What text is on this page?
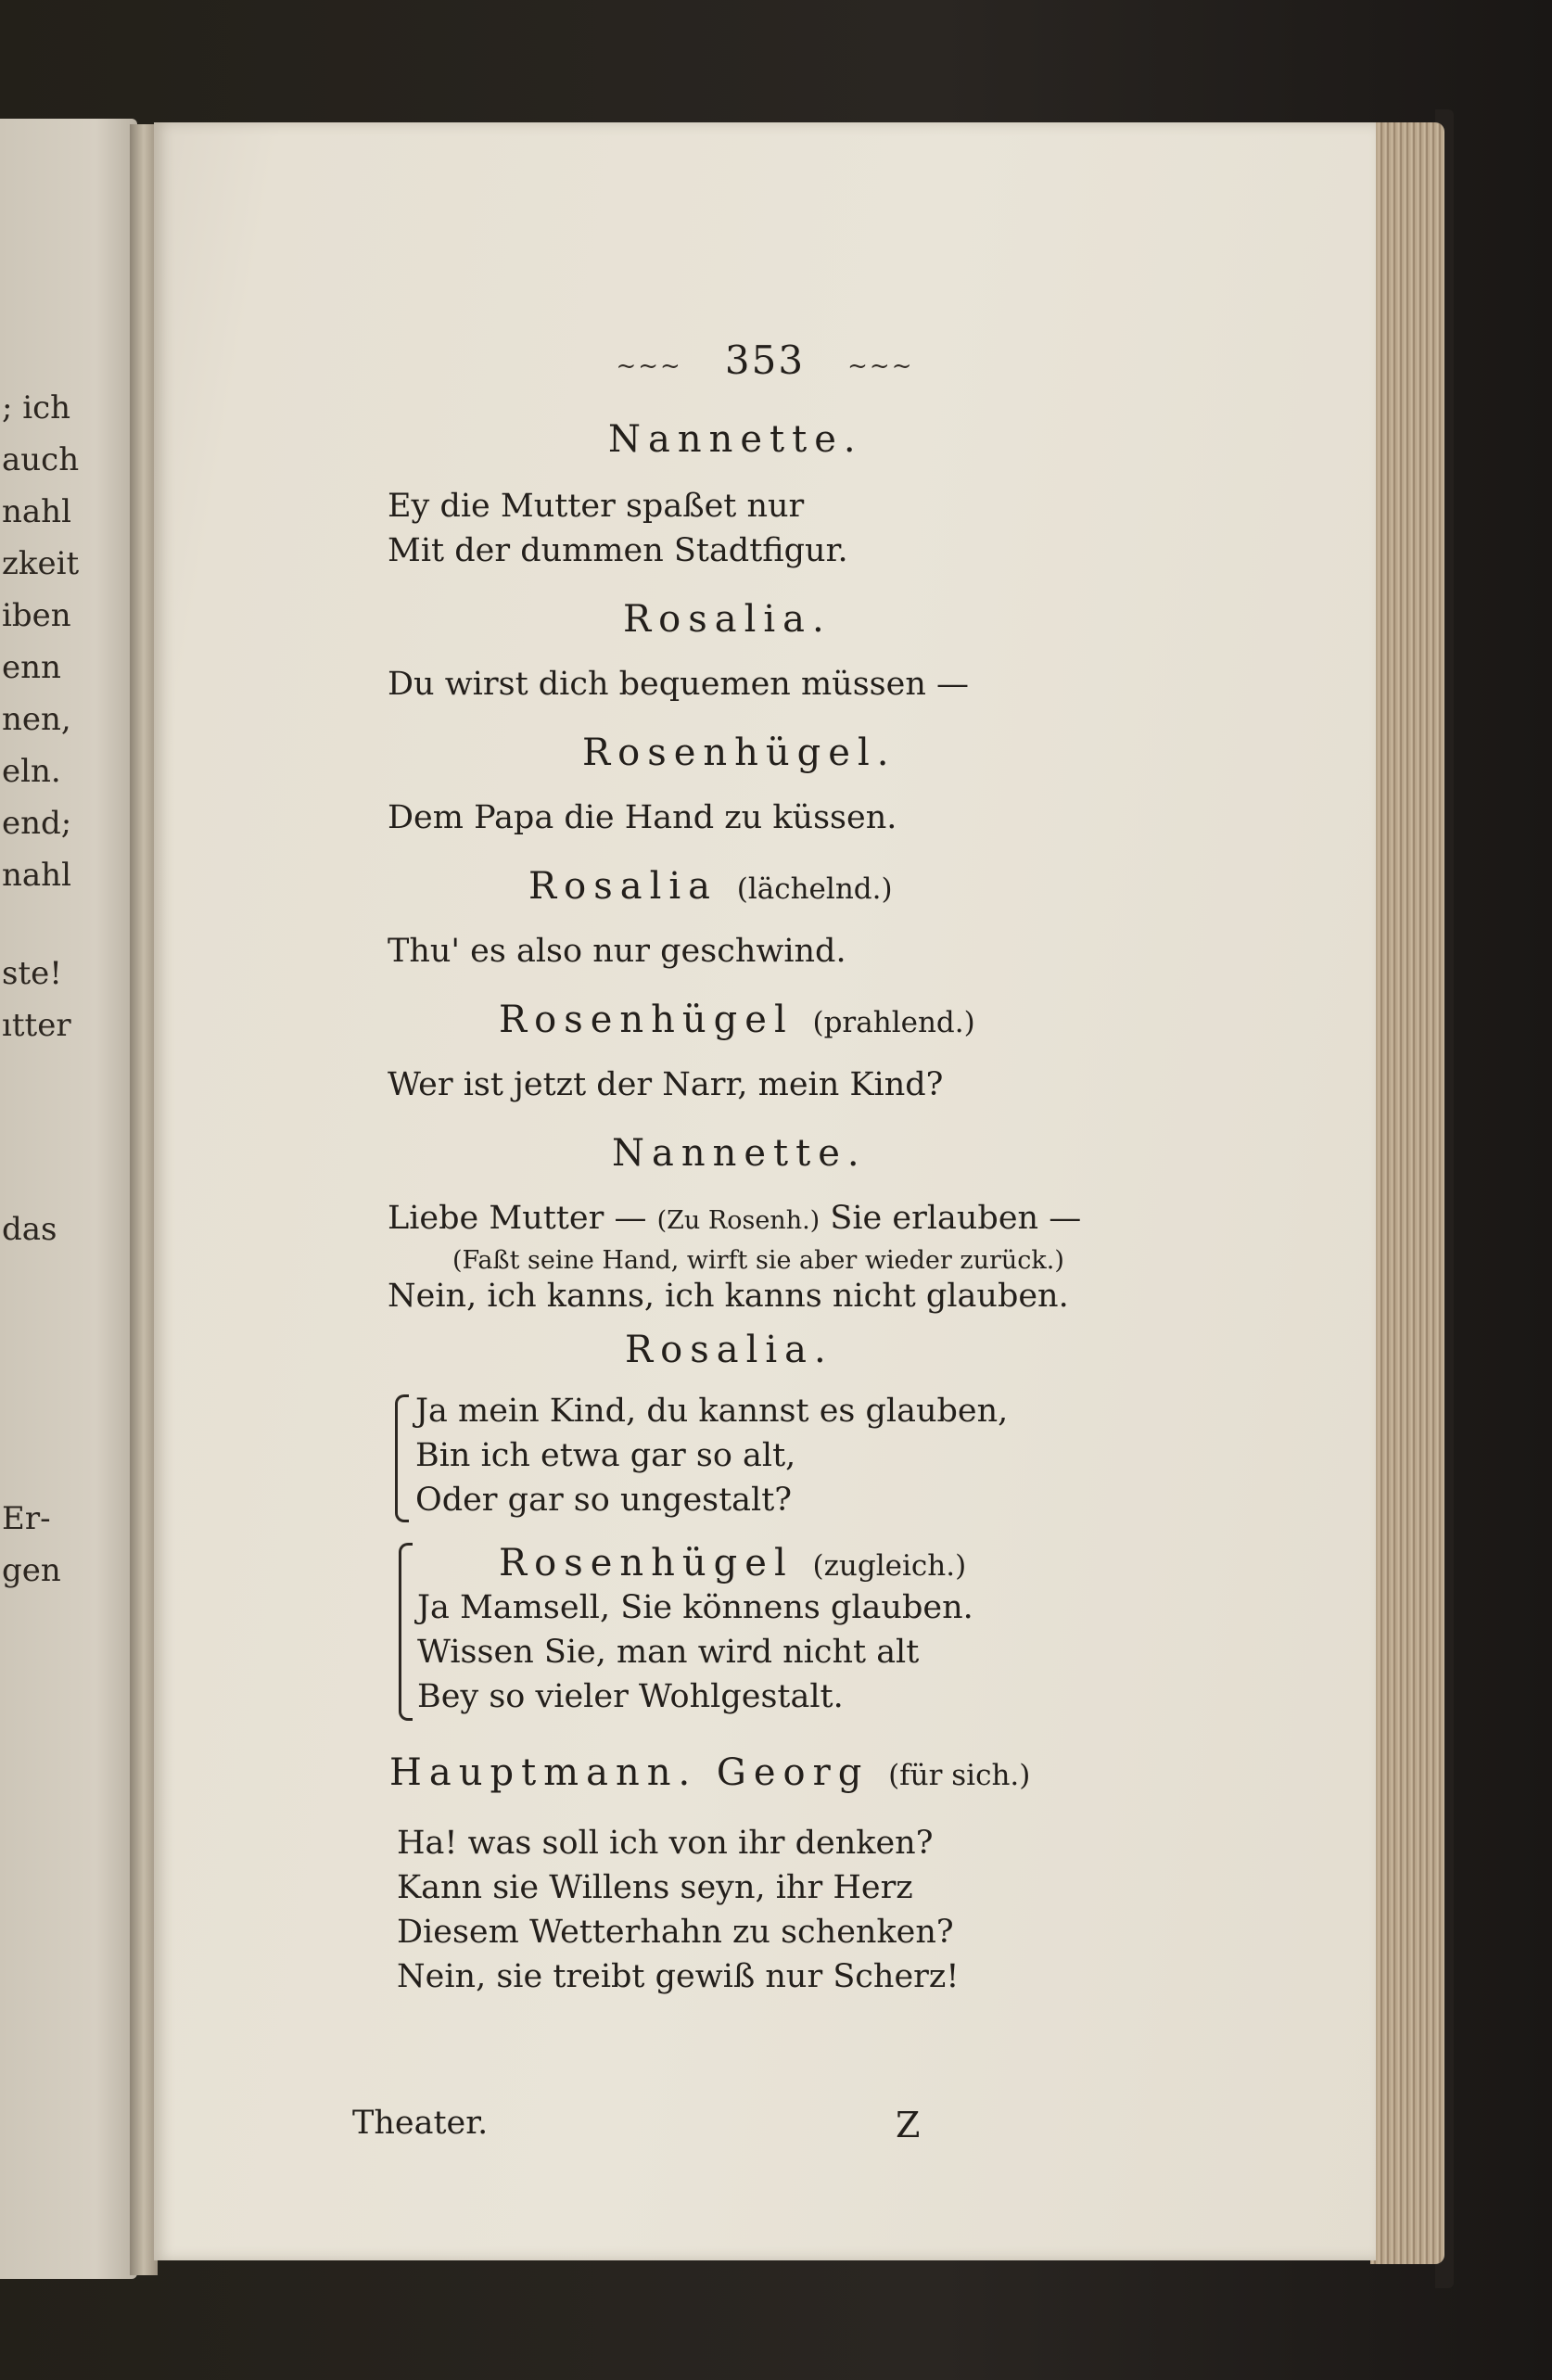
; ich
auch
nahl
zkeit
iben
enn
nen,
eln.
end;
nahl
ste!
ıtter
das
Er-
gen
~~~ 353 ~~~
Nannette.
Ey die Mutter spaßet nur
Mit der dummen Stadtfigur.
Rosalia.
Du wirst dich bequemen müssen —
Rosenhügel.
Dem Papa die Hand zu küssen.
Rosalia (lächelnd.)
Thu' es also nur geschwind.
Rosenhügel (prahlend.)
Wer ist jetzt der Narr, mein Kind?
Nannette.
Liebe Mutter — (Zu Rosenh.) Sie erlauben —
(Faßt seine Hand, wirft sie aber wieder zurück.)
Nein, ich kanns, ich kanns nicht glauben.
Rosalia.
Ja mein Kind, du kannst es glauben,
Bin ich etwa gar so alt,
Oder gar so ungestalt?
Rosenhügel (zugleich.)
Ja Mamsell, Sie könnens glauben.
Wissen Sie, man wird nicht alt
Bey so vieler Wohlgestalt.
Hauptmann. Georg (für sich.)
Ha! was soll ich von ihr denken?
Kann sie Willens seyn, ihr Herz
Diesem Wetterhahn zu schenken?
Nein, sie treibt gewiß nur Scherz!
Theater.	Z
